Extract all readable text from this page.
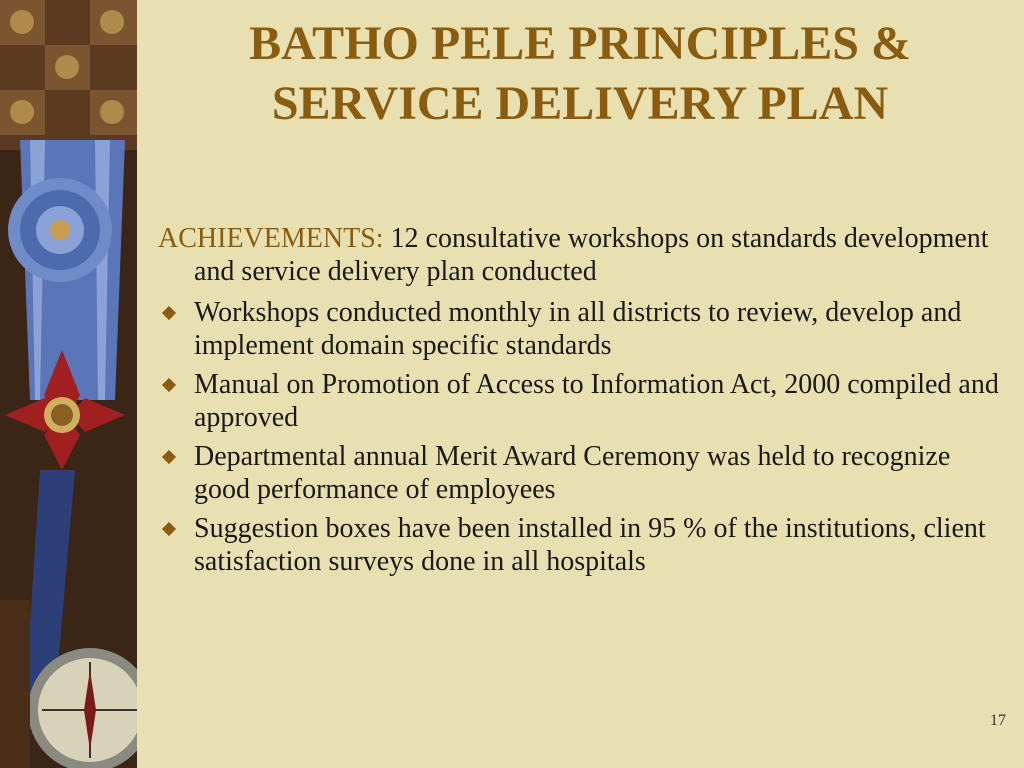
BATHO PELE PRINCIPLES &
SERVICE DELIVERY PLAN

ACHIEVEMENTS: 12 consultative workshops on standards development and service delivery plan conducted

Workshops conducted monthly in all districts to review, develop and implement domain specific standards
Manual on Promotion of Access to Information Act, 2000 compiled and approved
Departmental annual Merit Award Ceremony was held to recognize good performance of employees
Suggestion boxes have been installed in 95 % of the institutions, client satisfaction surveys done in all hospitals
17
